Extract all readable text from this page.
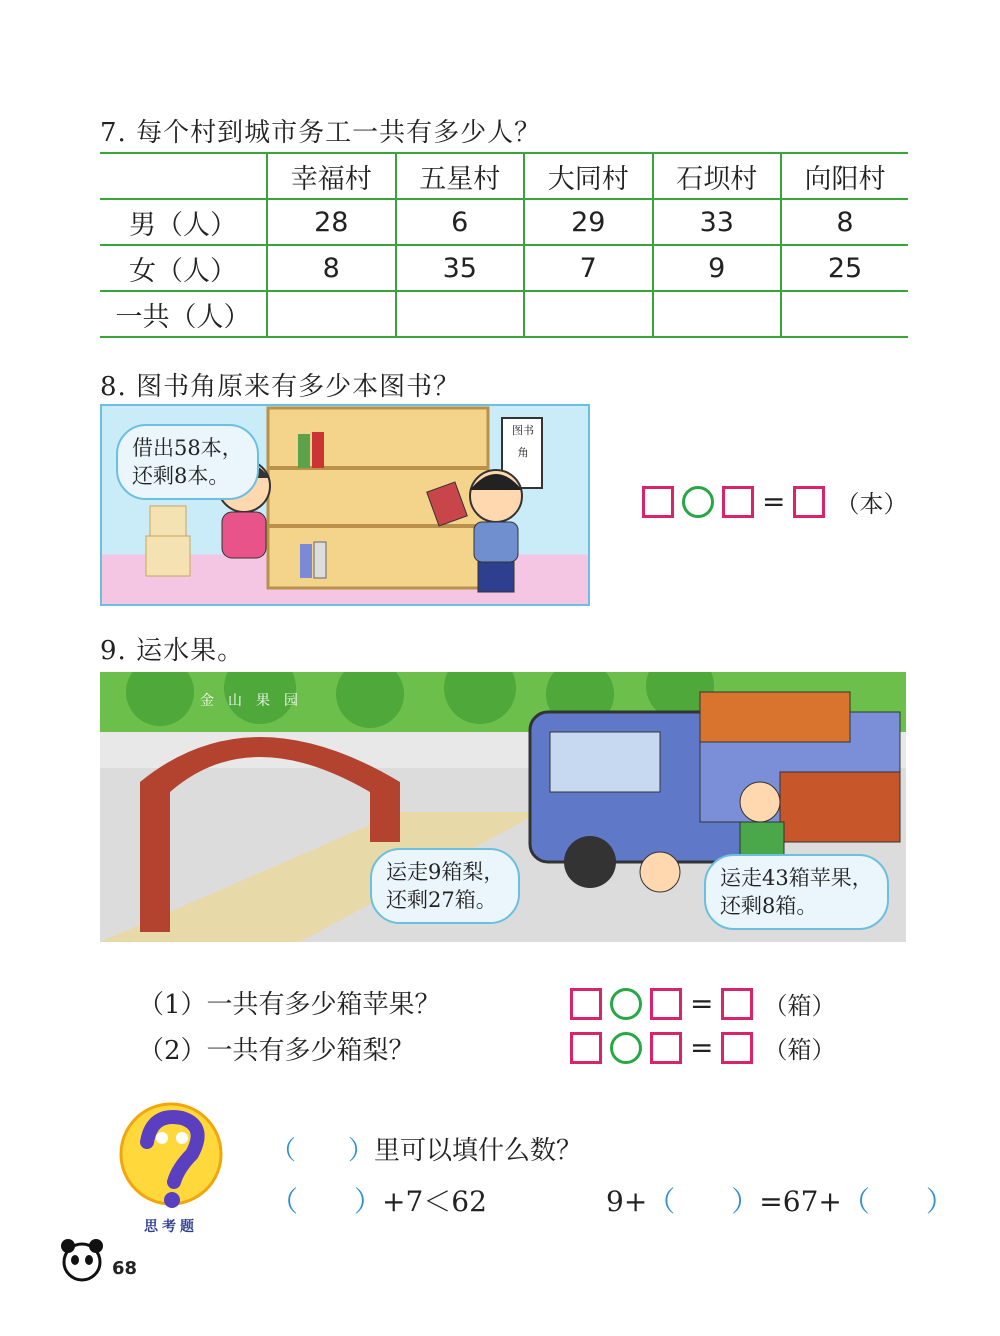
7. 每个村到城市务工一共有多少人？
	幸福村	五星村	大同村	石坝村	向阳村
男（人）	28	6	29	33	8
女（人）	8	35	7	9	25
一共（人）					
8. 图书角原来有多少本图书？
图书角
借出58本，
还剩8本。
= （本）
9. 运水果。
金山果园
运走9箱梨，
还剩27箱。
运走43箱苹果，
还剩8箱。
（1）一共有多少箱苹果？
（2）一共有多少箱梨？
= （箱）
= （箱）
思考题
（　　）里可以填什么数？
（　　）+7＜62	9+（　　）=67+（　　）
68
